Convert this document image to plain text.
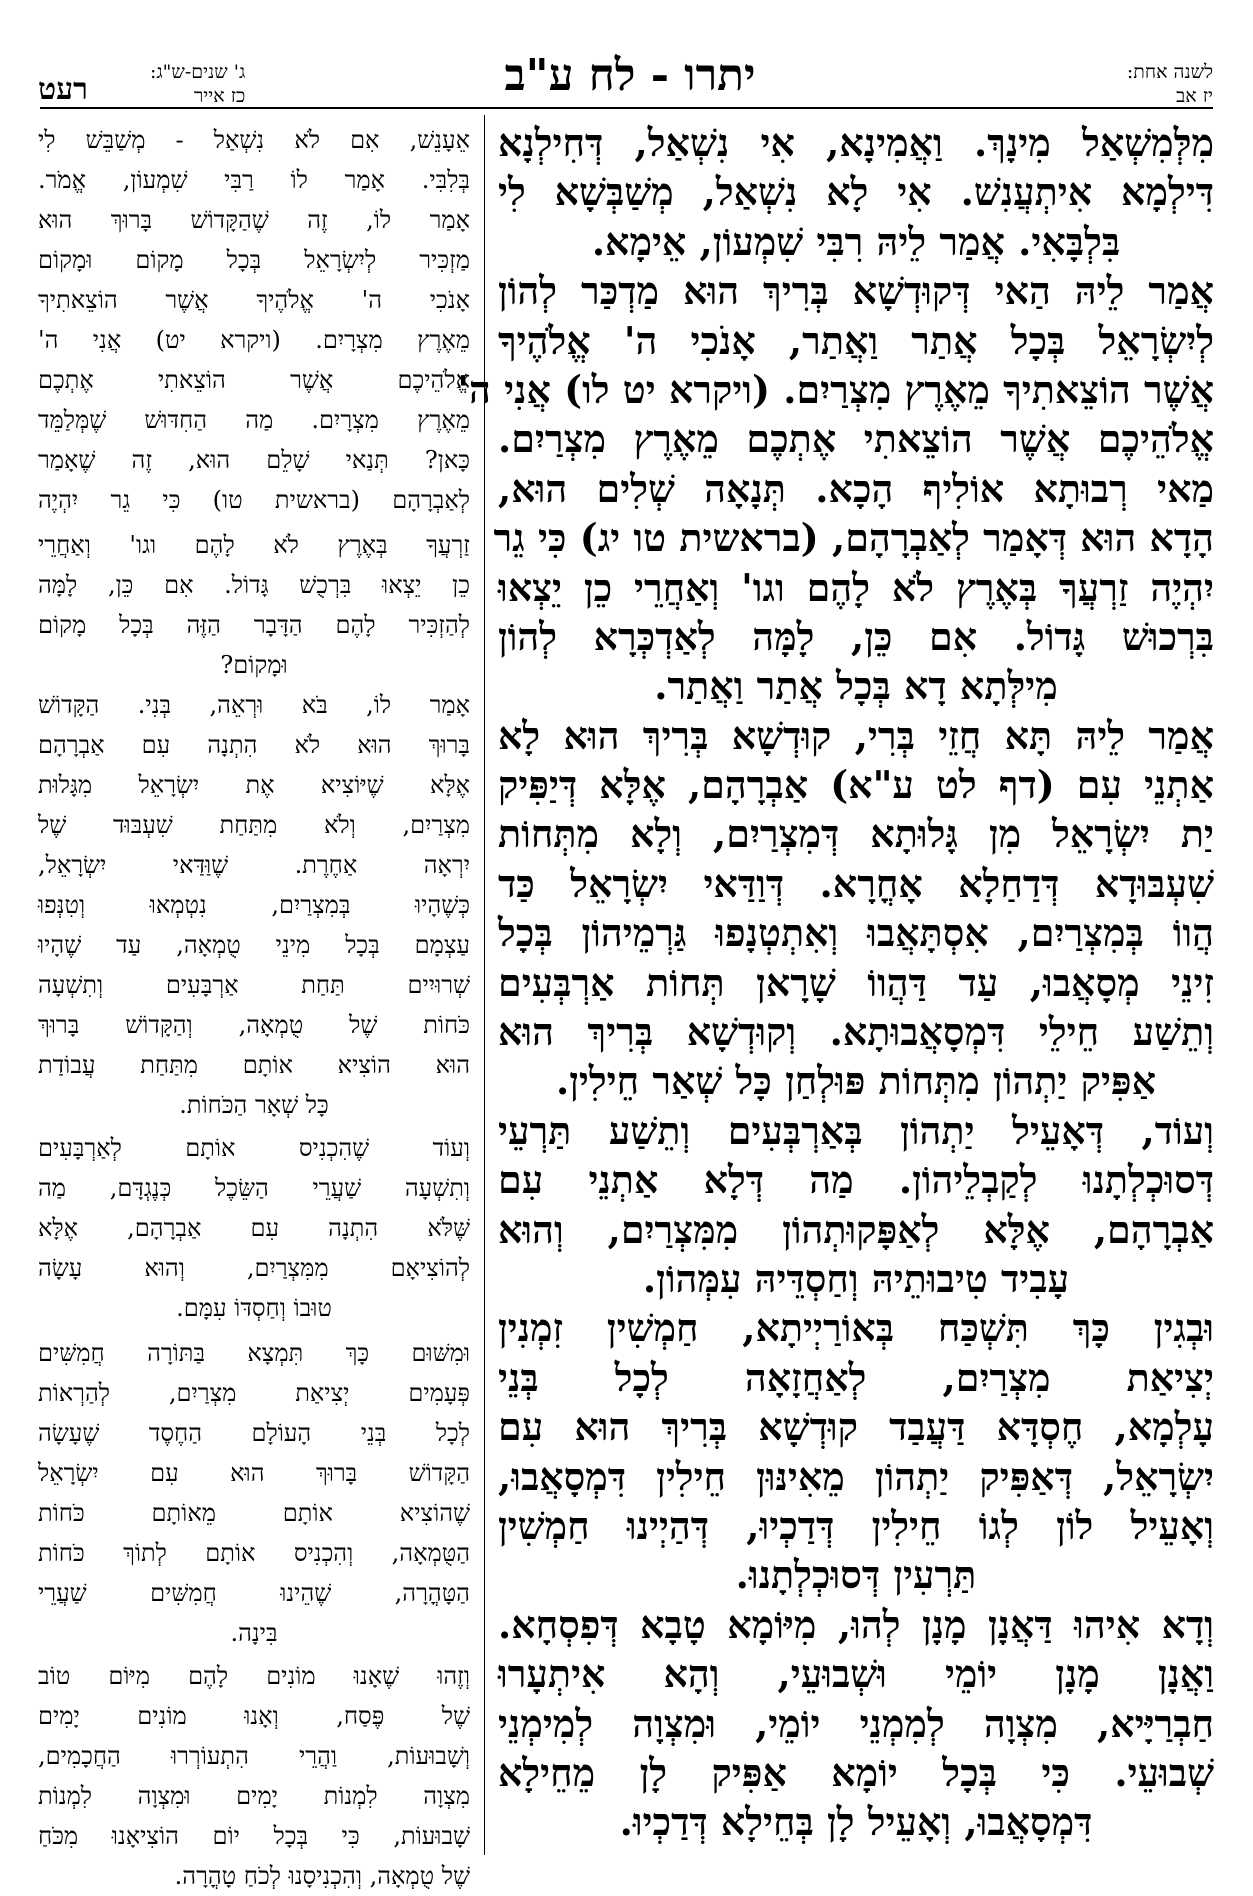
רעט	ג' שנים-ש"ג:
כז אייר	יתרו - לח ע"ב	לשנה אחת:
יז אב
מִלְּמִשְׁאַל מִינָךְ. וַאֲמִינָא, אִי נִשְׁאַל, דְּחִילְנָא
דִּילְמָא אִיתְעֲנִשׁ. אִי לָא נִשְׁאַל, מְשַׁבְּשָׁא לִי
בִּלְבָּאִי. אֲמַר לֵיהּ רִבִּי שִׁמְעוֹן, אֵימָא.
אֲמַר לֵיהּ הַאי דְּקוּדְשָׁא בְּרִיךְ הוּא מַדְכַּר לְהוֹן
לְיִשְׂרָאֵל בְּכָל אֲתַר וַאֲתַר, אָנֹכִי ה' אֱלֹהֶיךָ
אֲשֶׁר הוֹצֵאתִיךָ מֵאֶרֶץ מִצְרַיִם. (ויקרא יט לו) אֲנִי ה'
אֱלֹהֵיכֶם אֲשֶׁר הוֹצֵאתִי אֶתְכֶם מֵאֶרֶץ מִצְרַיִם.
מַאי רְבוּתָא אוֹלִיף הָכָא. תְּנָאָה שְׁלִים הוּא,
הָדָא הוּא דְּאָמַר לְאַבְרָהָם, (בראשית טו יג) כִּי גֵר
יִהְיֶה זַרְעֲךָ בְּאֶרֶץ לֹא לָהֶם וגו' וְאַחֲרֵי כֵן יֵצְאוּ
בִּרְכוּשׁ גָּדוֹל. אִם כֵּן, לָמָּה לְאַדְכְּרָא לְהוֹן
מִילְּתָא דָא בְּכָל אֲתַר וַאֲתַר.
אֲמַר לֵיהּ תָּא חֲזֵי בְּרִי, קוּדְשָׁא בְּרִיךְ הוּא לָא
אַתְנֵי עִם (דף לט ע"א) אַבְרָהָם, אֶלָּא דְּיַפִּיק
יַת יִשְׂרָאֵל מִן גָּלוּתָא דְּמִצְרַיִם, וְלָא מִתְּחוֹת
שִׁעְבּוּדָא דְּדַחַלָא אָחֳרָא. דְּוַדַּאי יִשְׂרָאֵל כַּד
הֲווֹ בְּמִצְרַיִם, אִסְתָּאֲבוּ וְאִתְטְנָפוּ גַּרְמֵיהוֹן בְּכָל
זִינֵי מְסָאֲבוּ, עַד דַּהֲווֹ שָׁרָאן תְּחוֹת אַרְבְּעִים
וְתֵשַׁע חֵילֵי דִּמְסָאֲבוּתָא. וְקוּדְשָׁא בְּרִיךְ הוּא
אַפִּיק יַתְהוֹן מִתְּחוֹת פּוּלְחַן כָּל שְׁאַר חֵילִין.
וְעוֹד, דְּאָעֵיל יַתְהוֹן בְּאַרְבְּעִים וְתֵשַׁע תַּרְעֵי
דְּסוּכְלְתָנוּ לְקַבְלֵיהוֹן. מַה דְּלָא אַתְנֵי עִם
אַבְרָהָם, אֶלָּא לְאַפָּקוּתְהוֹן מִמִּצְרַיִם, וְהוּא
עָבִיד טִיבוּתֵיהּ וְחַסְדֵּיהּ עִמְּהוֹן.
וּבְגִין כָּךְ תִּשְׁכַּח בְּאוֹרַיְיתָא, חַמְשִׁין זִמְנִין
יְצִיאַת מִצְרַיִם, לְאַחֲזָאָה לְכָל בְּנֵי
עָלְמָא, חֶסְדָּא דַּעֲבַד קוּדְשָׁא בְּרִיךְ הוּא עִם
יִשְׂרָאֵל, דְּאַפִּיק יַתְהוֹן מֵאִינּוּן חֵילִין דִּמְסָאֲבוּ,
וְאָעֵיל לוֹן לְגוֹ חֵילִין דְּדַכְיוּ, דְּהַיְינוּ חַמְשִׁין
תַּרְעִין דְּסוּכְלְתָנוּ.
וְדָא אִיהוּ דַּאֲנָן מָנָן לְהוּ, מִיּוֹמָא טָבָא דְּפִסְחָא.
וַאֲנָן מָנָן יוֹמֵי וּשְׁבוּעֵי, וְהָא אִיתְעָרוּ
חַבְרַיָּיא, מִצְוָה לְמִמְנֵי יוֹמֵי, וּמִצְוָה לְמִימְנֵי
שְׁבוּעֵי. כִּי בְּכָל יוֹמָא אַפִּיק לָן מֵחֵילָא
דִּמְסָאֲבוּ, וְאָעֵיל לָן בְּחֵילָא דְּדַכְיוּ.
אֵעָנֵשׁ, אִם לֹא נִשְׁאַל - מְשַׁבֵּשׁ לִי
בְּלִבִּי. אָמַר לוֹ רַבִּי שִׁמְעוֹן, אֱמֹר.
אָמַר לוֹ, זֶה שֶׁהַקָּדוֹשׁ בָּרוּךְ הוּא
מַזְכִּיר לְיִשְׂרָאֵל בְּכָל מָקוֹם וּמָקוֹם
אָנֹכִי ה' אֱלֹהֶיךָ אֲשֶׁר הוֹצֵאתִיךָ
מֵאֶרֶץ מִצְרָיִם. (ויקרא יט) אֲנִי ה'
אֱלֹהֵיכֶם אֲשֶׁר הוֹצֵאתִי אֶתְכֶם
מֵאֶרֶץ מִצְרָיִם. מַה הַחִדּוּשׁ שֶׁמְּלַמֵּד
כָּאן? תְּנַאי שָׁלֵם הוּא, זֶה שֶׁאָמַר
לְאַבְרָהָם (בראשית טו) כִּי גֵר יִהְיֶה
זַרְעֲךָ בְּאֶרֶץ לֹא לָהֶם וגו' וְאַחֲרֵי
כֵן יֵצְאוּ בִּרְכֻשׁ גָּדוֹל. אִם כֵּן, לָמָּה
לְהַזְכִּיר לָהֶם הַדָּבָר הַזֶּה בְּכָל מָקוֹם
וּמָקוֹם?
אָמַר לוֹ, בֹּא וּרְאֵה, בְּנִי. הַקָּדוֹשׁ
בָּרוּךְ הוּא לֹא הִתְנָה עִם אַבְרָהָם
אֶלָּא שֶׁיּוֹצִיא אֶת יִשְׂרָאֵל מִגָּלוּת
מִצְרַיִם, וְלֹא מִתַּחַת שִׁעְבּוּד שֶׁל
יִרְאָה אַחֶרֶת. שֶׁוַּדַּאי יִשְׂרָאֵל,
כְּשֶׁהָיוּ בְּמִצְרַיִם, נִטְמְאוּ וְטִנְּפוּ
עַצְמָם בְּכָל מִינֵי טֻמְאָה, עַד שֶׁהָיוּ
שְׁרוּיִים תַּחַת אַרְבָּעִים וְתִשְׁעָה
כֹּחוֹת שֶׁל טֻמְאָה, וְהַקָּדוֹשׁ בָּרוּךְ
הוּא הוֹצִיא אוֹתָם מִתַּחַת עֲבוֹדַת
כָּל שְׁאָר הַכֹּחוֹת.
וְעוֹד שֶׁהִכְנִיס אוֹתָם לְאַרְבָּעִים
וְתִשְׁעָה שַׁעֲרֵי הַשֵּׂכֶל כְּנֶגְדָּם, מַה
שֶּׁלֹּא הִתְנָה עִם אַבְרָהָם, אֶלָּא
לְהוֹצִיאָם מִמִּצְרַיִם, וְהוּא עָשָׂה
טוּבוֹ וְחַסְדּוֹ עִמָּם.
וּמִשּׁוּם כָּךְ תִּמְצָא בַּתּוֹרָה חֲמִשִּׁים
פְּעָמִים יְצִיאַת מִצְרַיִם, לְהַרְאוֹת
לְכָל בְּנֵי הָעוֹלָם הַחֶסֶד שֶׁעָשָׂה
הַקָּדוֹשׁ בָּרוּךְ הוּא עִם יִשְׂרָאֵל
שֶׁהוֹצִיא אוֹתָם מֵאוֹתָם כֹּחוֹת
הַטֻּמְאָה, וְהִכְנִיס אוֹתָם לְתוֹךְ כֹּחוֹת
הַטָּהֳרָה, שֶׁהֵינוּ חֲמִשִּׁים שַׁעֲרֵי
בִּינָה.
וְזֶהוּ שֶׁאָנוּ מוֹנִים לָהֶם מִיּוֹם טוֹב
שֶׁל פֶּסַח, וְאָנוּ מוֹנִים יָמִים
וְשָׁבוּעוֹת, וַהֲרֵי הִתְעוֹרְרוּ הַחֲכָמִים,
מִצְוָה לִמְנוֹת יָמִים וּמִצְוָה לִמְנוֹת
שָׁבוּעוֹת, כִּי בְּכָל יוֹם הוֹצִיאָנוּ מִכֹּחַ
שֶׁל טֻמְאָה, וְהִכְנִיסָנוּ לְכֹחַ טָהֳרָה.
